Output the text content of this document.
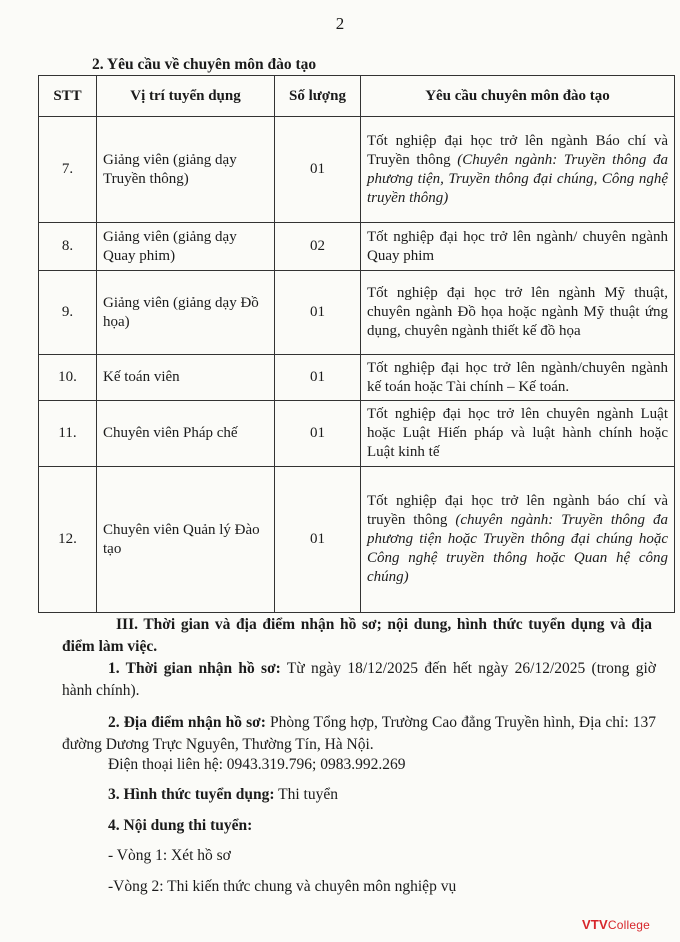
2
2. Yêu cầu về chuyên môn đào tạo
STT	Vị trí tuyển dụng	Số lượng	Yêu cầu chuyên môn đào tạo
7.	Giảng viên (giảng dạy Truyền thông)	01	Tốt nghiệp đại học trở lên ngành Báo chí và Truyền thông (Chuyên ngành: Truyền thông đa phương tiện, Truyền thông đại chúng, Công nghệ truyền thông)
8.	Giảng viên (giảng dạy Quay phim)	02	Tốt nghiệp đại học trở lên ngành/ chuyên ngành Quay phim
9.	Giảng viên (giảng dạy Đồ họa)	01	Tốt nghiệp đại học trở lên ngành Mỹ thuật, chuyên ngành Đồ họa hoặc ngành Mỹ thuật ứng dụng, chuyên ngành thiết kế đồ họa
10.	Kế toán viên	01	Tốt nghiệp đại học trở lên ngành/chuyên ngành kế toán hoặc Tài chính – Kế toán.
11.	Chuyên viên Pháp chế	01	Tốt nghiệp đại học trở lên chuyên ngành Luật hoặc Luật Hiến pháp và luật hành chính hoặc Luật kinh tế
12.	Chuyên viên Quản lý Đào tạo	01	Tốt nghiệp đại học trở lên ngành báo chí và truyền thông (chuyên ngành: Truyền thông đa phương tiện hoặc Truyền thông đại chúng hoặc Công nghệ truyền thông hoặc Quan hệ công chúng)
III. Thời gian và địa điểm nhận hồ sơ; nội dung, hình thức tuyển dụng và địa điểm làm việc.
1. Thời gian nhận hồ sơ: Từ ngày 18/12/2025 đến hết ngày 26/12/2025 (trong giờ hành chính).
2. Địa điểm nhận hồ sơ: Phòng Tổng hợp, Trường Cao đẳng Truyền hình, Địa chỉ: 137 đường Dương Trực Nguyên, Thường Tín, Hà Nội.
Điện thoại liên hệ: 0943.319.796; 0983.992.269
3. Hình thức tuyển dụng: Thi tuyển
4. Nội dung thi tuyển:
- Vòng 1: Xét hồ sơ
-Vòng 2: Thi kiến thức chung và chuyên môn nghiệp vụ
VTVCollege
